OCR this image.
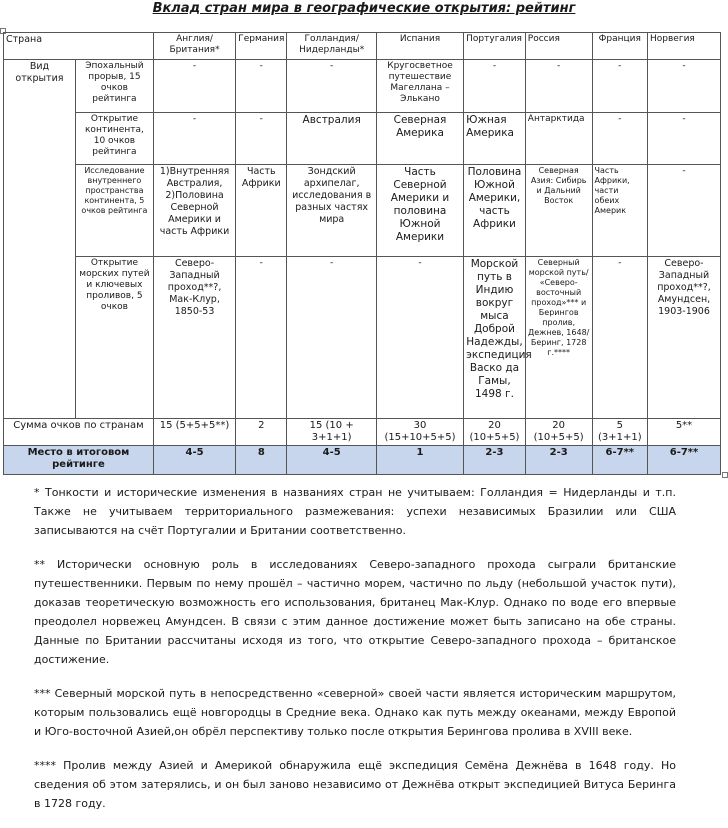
Вклад стран мира в географические открытия: рейтинг
Страна		Англия/ Британия*	Германия	Голландия/ Нидерланды*	Испания	Португалия	Россия	Франция	Норвегия
Вид открытия	Эпохальный прорыв, 15 очков рейтинга	-	-	-	Кругосветное путешествие Магеллана – Элькано	-	-	-	-
	Открытие континента, 10 очков рейтинга	-	-	Австралия	Северная Америка	Южная Америка	Антарктида	-	-
	Исследование внутреннего пространства континента, 5 очков рейтинга	1)Внутренняя Австралия, 2)Половина Северной Америки и часть Африки	Часть Африки	Зондский архипелаг, исследования в разных частях мира	Часть Северной Америки и половина Южной Америки	Половина Южной Америки, часть Африки	Северная Азия: Сибирь и Дальний Восток	Часть Африки, части обеих Америк	-
	Открытие морских путей и ключевых проливов, 5 очков	Северо-Западный проход**?, Мак-Клур, 1850-53	-	-	-	Морской путь в Индию вокруг мыса Доброй Надежды, экспедиция Васко да Гамы, 1498 г.	Северный морской путь/ «Северо-восточный проход»*** и Берингов пролив, Дежнев, 1648/ Беринг, 1728 г.****	-	Северо-Западный проход**?, Амундсен, 1903-1906
Сумма очков по странам		15 (5+5+5**)	2	15 (10 + 3+1+1)	30 (15+10+5+5)	20 (10+5+5)	20 (10+5+5)	5 (3+1+1)	5**
Место в итоговом рейтинге		4-5	8	4-5	1	2-3	2-3	6-7**	6-7**

* Тонкости и исторические изменения в названиях стран не учитываем: Голландия = Нидерланды и т.п. Также не учитываем территориального размежевания: успехи независимых Бразилии или США записываются на счёт Португалии и Британии соответственно.

** Исторически основную роль в исследованиях Северо-западного прохода сыграли британские путешественники. Первым по нему прошёл – частично морем, частично по льду (небольшой участок пути), доказав теоретическую возможность его использования, британец Мак-Клур. Однако по воде его впервые преодолел норвежец Амундсен. В связи с этим данное достижение может быть записано на обе страны. Данные по Британии рассчитаны исходя из того, что открытие Северо-западного прохода – британское достижение.

*** Северный морской путь в непосредственно «северной» своей части является историческим маршрутом, которым пользовались ещё новгородцы в Средние века. Однако как путь между океанами, между Европой и Юго-восточной Азией,он обрёл перспективу только после открытия Берингова пролива в XVIII веке.

**** Пролив между Азией и Америкой обнаружила ещё экспедиция Семёна Дежнёва в 1648 году. Но сведения об этом затерялись, и он был заново независимо от Дежнёва открыт экспедицией Витуса Беринга в 1728 году.
